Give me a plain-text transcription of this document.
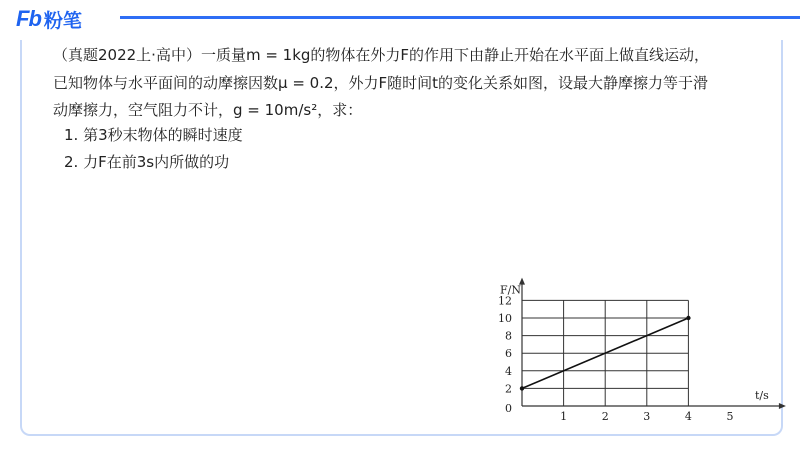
Fb 粉笔
（真题2022上·高中）一质量m = 1kg的物体在外力F的作用下由静止开始在水平面上做直线运动，
已知物体与水平面间的动摩擦因数μ = 0.2，外力F随时间t的变化关系如图，设最大静摩擦力等于滑
动摩擦力，空气阻力不计，g = 10m/s²，求：
1. 第3秒末物体的瞬时速度
2. 力F在前3s内所做的功
1	2	3	4	5
2
4
6
8
10
12
0
F/N
t/s
